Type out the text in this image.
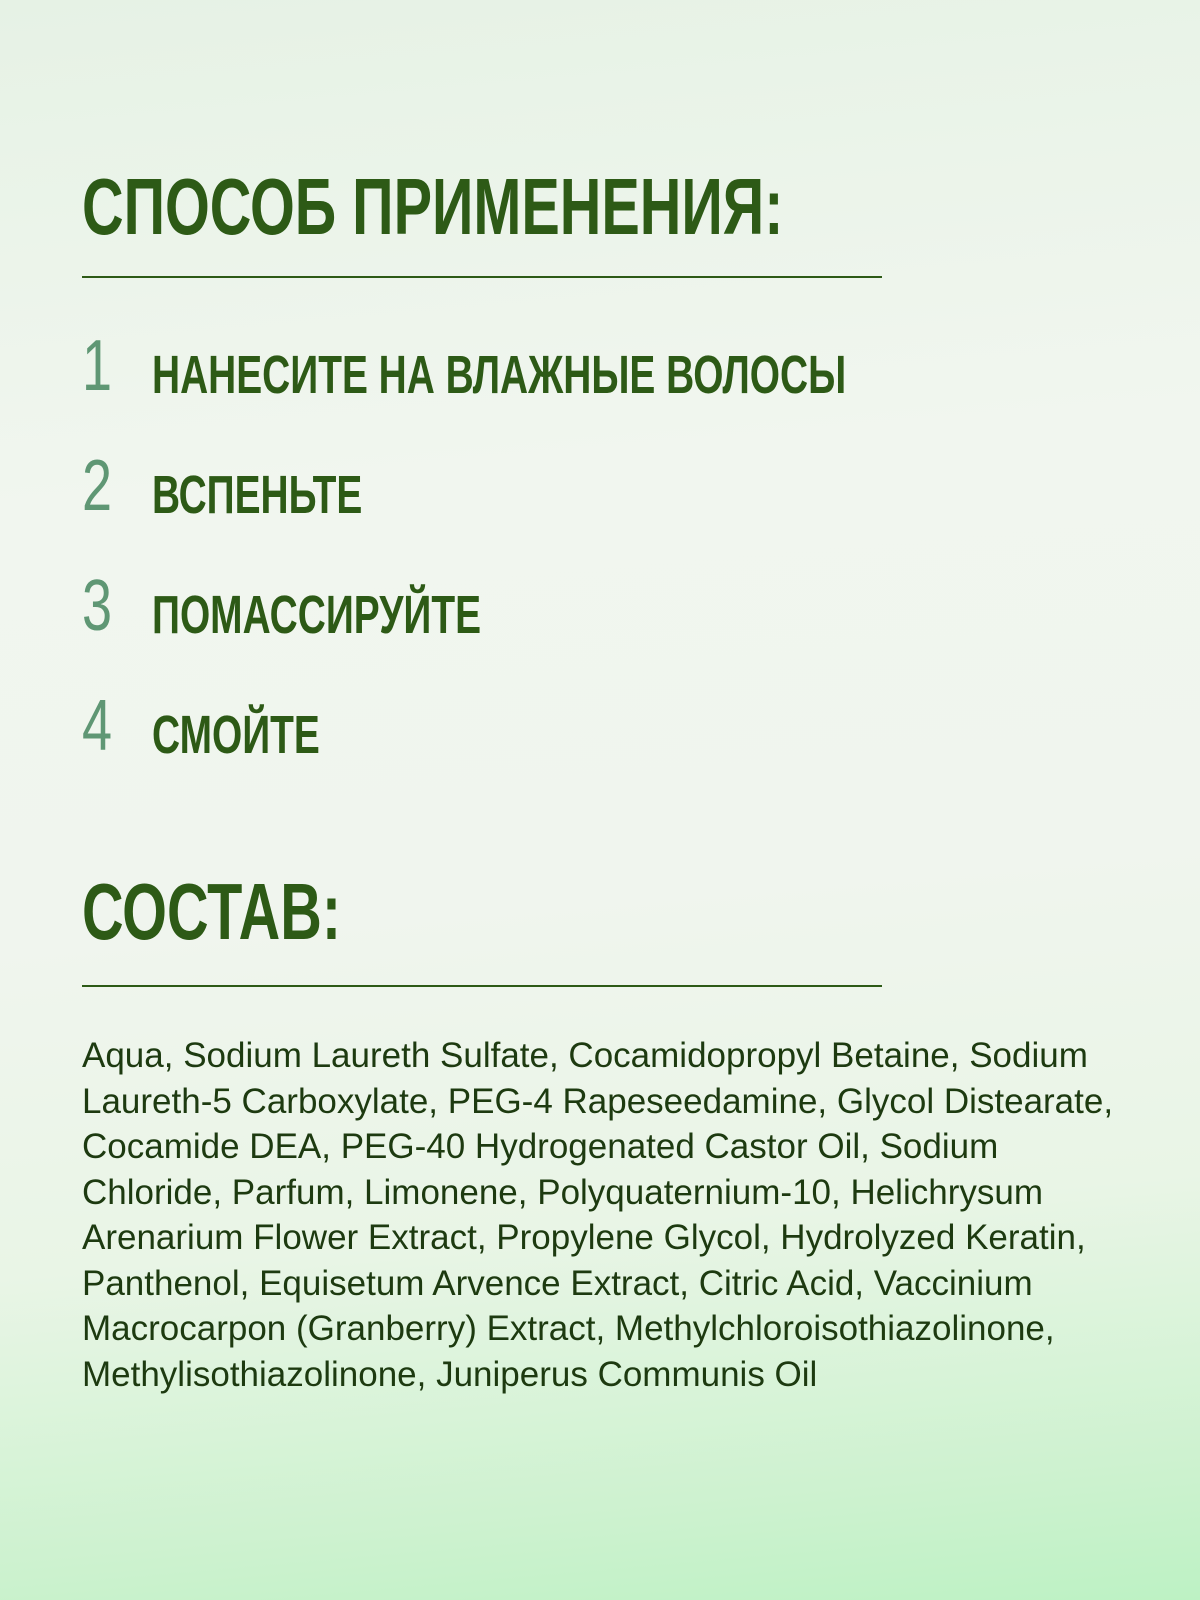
СПОСОБ ПРИМЕНЕНИЯ:
1 НАНЕСИТЕ НА ВЛАЖНЫЕ ВОЛОСЫ
2 ВСПЕНЬТЕ
3 ПОМАССИРУЙТЕ
4 СМОЙТЕ
СОСТАВ:

Aqua, Sodium Laureth Sulfate, Cocamidopropyl Betaine, Sodium Laureth-5 Carboxylate, PEG-4 Rapeseedamine, Glycol Distearate, Cocamide DEA, PEG-40 Hydrogenated Castor Oil, Sodium Chloride, Parfum, Limonene, Polyquaternium-10, Helichrysum Arenarium Flower Extract, Propylene Glycol, Hydrolyzed Keratin, Panthenol, Equisetum Arvence Extract, Citric Acid, Vaccinium Macrocarpon (Granberry) Extract, Methylchloroisothiazolinone, Methylisothiazolinone, Juniperus Communis Oil
